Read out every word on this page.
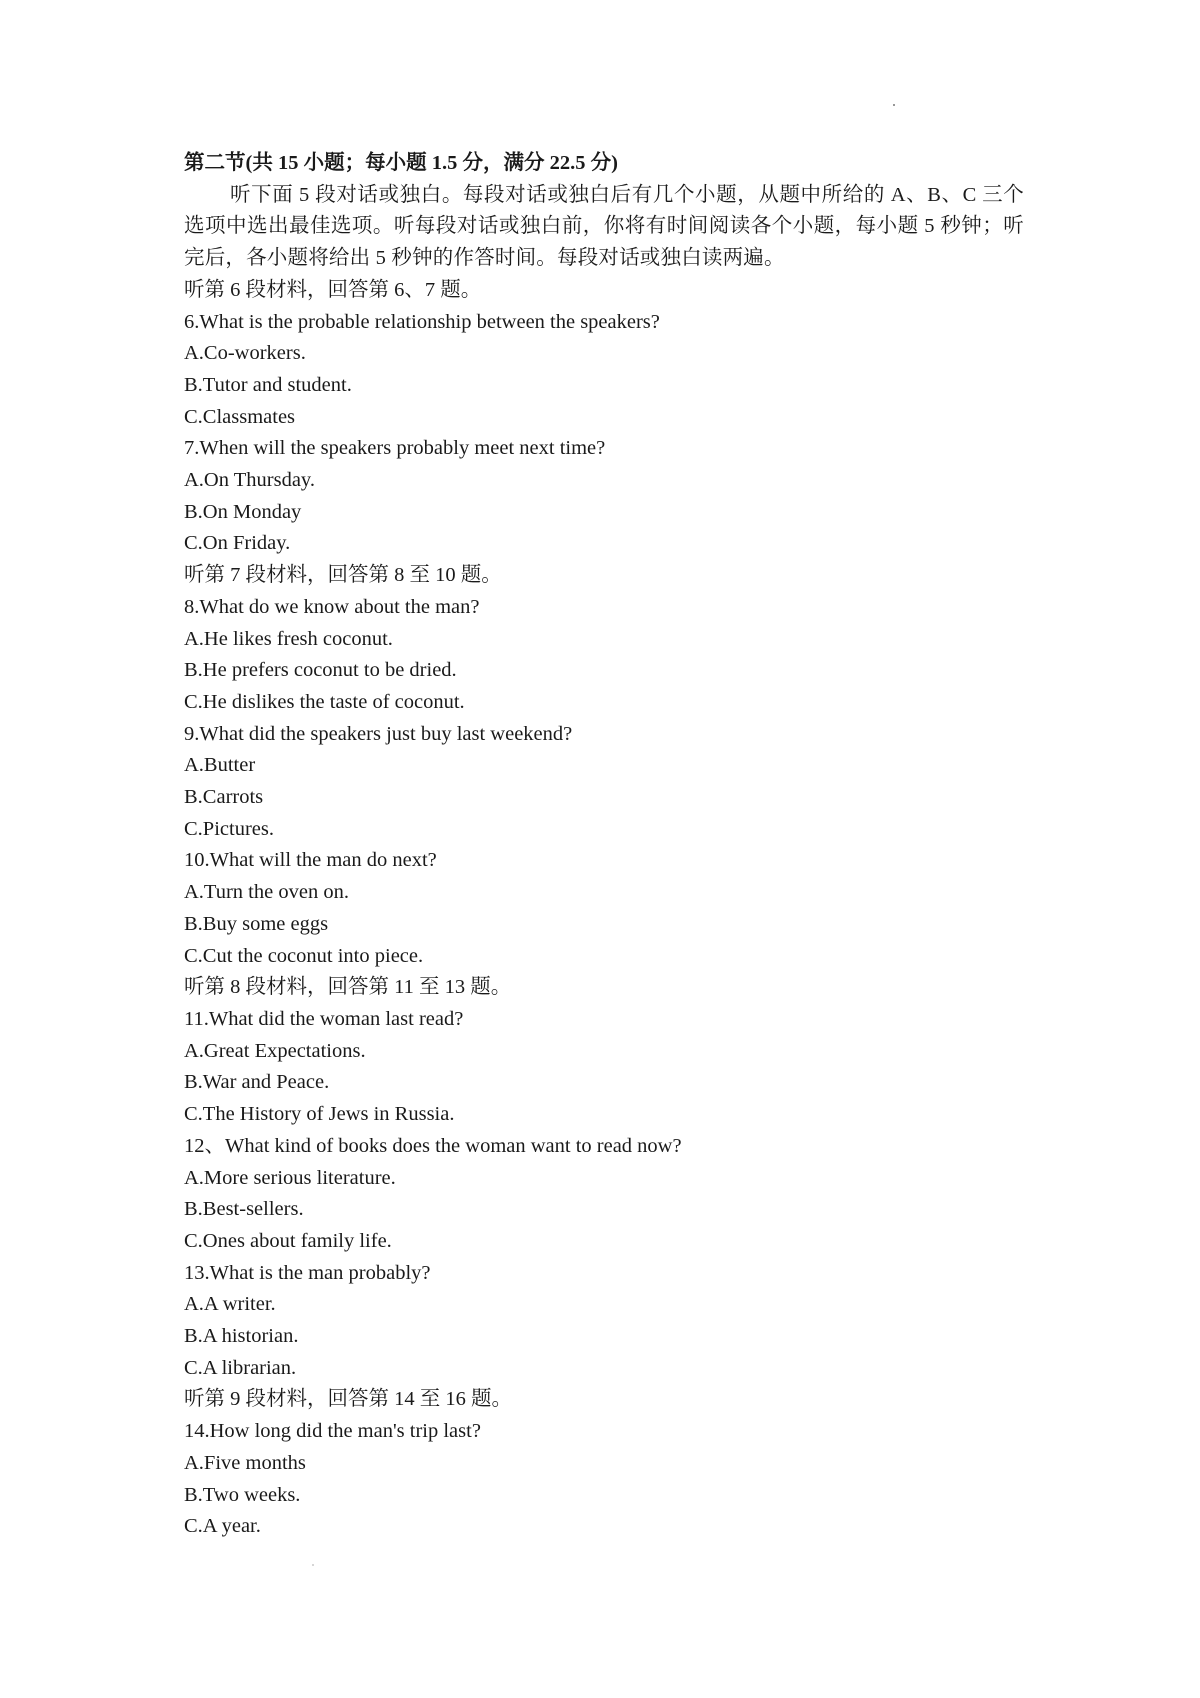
第二节(共 15 小题；每小题 1.5 分，满分 22.5 分)
听下面 5 段对话或独白。每段对话或独白后有几个小题，从题中所给的 A、B、C 三个选项中选出最佳选项。听每段对话或独白前，你将有时间阅读各个小题，每小题 5 秒钟；听完后，各小题将给出 5 秒钟的作答时间。每段对话或独白读两遍。
听第 6 段材料，回答第 6、7 题。
6.What is the probable relationship between the speakers?
A.Co-workers.
B.Tutor and student.
C.Classmates
7.When will the speakers probably meet next time?
A.On Thursday.
B.On Monday
C.On Friday.
听第 7 段材料，回答第 8 至 10 题。
8.What do we know about the man?
A.He likes fresh coconut.
B.He prefers coconut to be dried.
C.He dislikes the taste of coconut.
9.What did the speakers just buy last weekend?
A.Butter
B.Carrots
C.Pictures.
10.What will the man do next?
A.Turn the oven on.
B.Buy some eggs
C.Cut the coconut into piece.
听第 8 段材料，回答第 11 至 13 题。
11.What did the woman last read?
A.Great Expectations.
B.War and Peace.
C.The History of Jews in Russia.
12、What kind of books does the woman want to read now?
A.More serious literature.
B.Best-sellers.
C.Ones about family life.
13.What is the man probably?
A.A writer.
B.A historian.
C.A librarian.
听第 9 段材料，回答第 14 至 16 题。
14.How long did the man's trip last?
A.Five months
B.Two weeks.
C.A year.
